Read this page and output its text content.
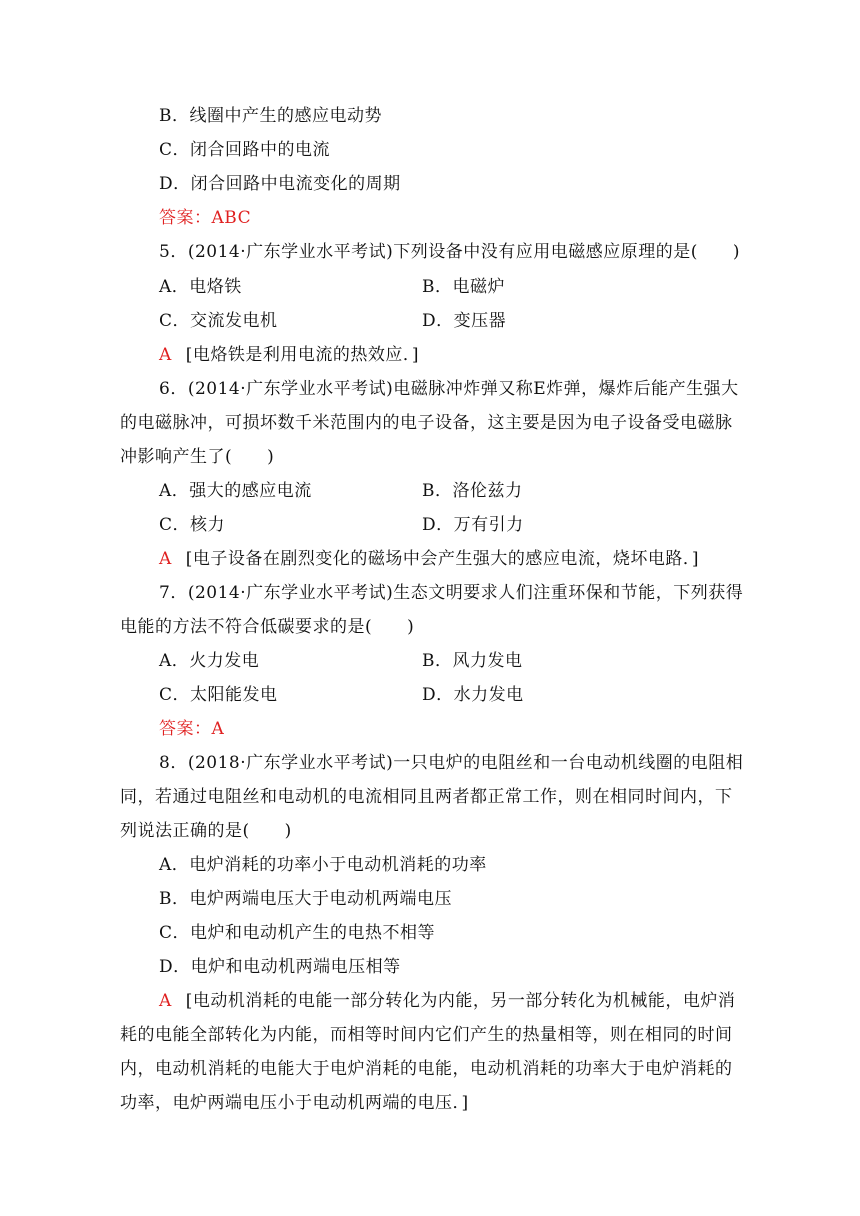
B．线圈中产生的感应电动势
C．闭合回路中的电流
D．闭合回路中电流变化的周期
答案：ABC
5．(2014·广东学业水平考试)下列设备中没有应用电磁感应原理的是(　　)
A．电烙铁	B．电磁炉
C．交流发电机	D．变压器
A [电烙铁是利用电流的热效应．]
6．(2014·广东学业水平考试)电磁脉冲炸弹又称E炸弹，爆炸后能产生强大
的电磁脉冲，可损坏数千米范围内的电子设备，这主要是因为电子设备受电磁脉
冲影响产生了(　　)
A．强大的感应电流	B．洛伦兹力
C．核力	D．万有引力
A [电子设备在剧烈变化的磁场中会产生强大的感应电流，烧坏电路．]
7．(2014·广东学业水平考试)生态文明要求人们注重环保和节能，下列获得
电能的方法不符合低碳要求的是(　　)
A．火力发电	B．风力发电
C．太阳能发电	D．水力发电
答案：A
8．(2018·广东学业水平考试)一只电炉的电阻丝和一台电动机线圈的电阻相
同，若通过电阻丝和电动机的电流相同且两者都正常工作，则在相同时间内，下
列说法正确的是(　　)
A．电炉消耗的功率小于电动机消耗的功率
B．电炉两端电压大于电动机两端电压
C．电炉和电动机产生的电热不相等
D．电炉和电动机两端电压相等
A [电动机消耗的电能一部分转化为内能，另一部分转化为机械能，电炉消
耗的电能全部转化为内能，而相等时间内它们产生的热量相等，则在相同的时间
内，电动机消耗的电能大于电炉消耗的电能，电动机消耗的功率大于电炉消耗的
功率，电炉两端电压小于电动机两端的电压．]
